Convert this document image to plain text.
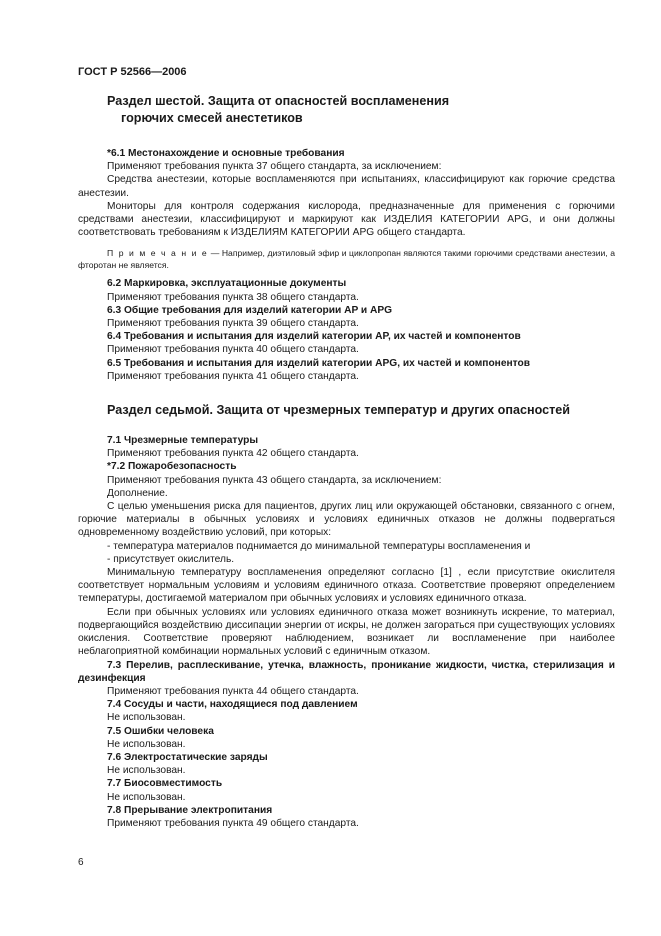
ГОСТ Р 52566—2006
Раздел шестой. Защита от опасностей воспламенения
горючих смесей анестетиков

*6.1 Местонахождение и основные требования

Применяют требования пункта 37 общего стандарта, за исключением:

Средства анестезии, которые воспламеняются при испытаниях, классифицируют как горючие средства анестезии.

Мониторы для контроля содержания кислорода, предназначенные для применения с горючими средствами анестезии, классифицируют и маркируют как ИЗДЕЛИЯ КАТЕГОРИИ APG, и они должны соответствовать требованиям к ИЗДЕЛИЯМ КАТЕГОРИИ APG общего стандарта.

П р и м е ч а н и е — Например, диэтиловый эфир и циклопропан являются такими горючими средствами анестезии, а фторотан не является.

6.2 Маркировка, эксплуатационные документы

Применяют требования пункта 38 общего стандарта.

6.3 Общие требования для изделий категории AP и APG

Применяют требования пункта 39 общего стандарта.

6.4 Требования и испытания для изделий категории AP, их частей и компонентов

Применяют требования пункта 40 общего стандарта.

6.5 Требования и испытания для изделий категории APG, их частей и компонентов

Применяют требования пункта 41 общего стандарта.

Раздел седьмой. Защита от чрезмерных температур и других опасностей

7.1 Чрезмерные температуры

Применяют требования пункта 42 общего стандарта.

*7.2 Пожаробезопасность

Применяют требования пункта 43 общего стандарта, за исключением:

Дополнение.

С целью уменьшения риска для пациентов, других лиц или окружающей обстановки, связанного с огнем, горючие материалы в обычных условиях и условиях единичных отказов не должны подвергаться одновременному воздействию условий, при которых:

- температура материалов поднимается до минимальной температуры воспламенения и

- присутствует окислитель.

Минимальную температуру воспламенения определяют согласно [1] , если присутствие окислителя соответствует нормальным условиям и условиям единичного отказа. Соответствие проверяют определением температуры, достигаемой материалом при обычных условиях и условиях единичного отказа.

Если при обычных условиях или условиях единичного отказа может возникнуть искрение, то материал, подвергающийся воздействию диссипации энергии от искры, не должен загораться при существующих условиях окисления. Соответствие проверяют наблюдением, возникает ли воспламенение при наиболее неблагоприятной комбинации нормальных условий с единичным отказом.

7.3 Перелив, расплескивание, утечка, влажность, проникание жидкости, чистка, стерилизация и дезинфекция

Применяют требования пункта 44 общего стандарта.

7.4 Сосуды и части, находящиеся под давлением

Не использован.

7.5 Ошибки человека

Не использован.

7.6 Электростатические заряды

Не использован.

7.7 Биосовместимость

Не использован.

7.8 Прерывание электропитания

Применяют требования пункта 49 общего стандарта.

6
